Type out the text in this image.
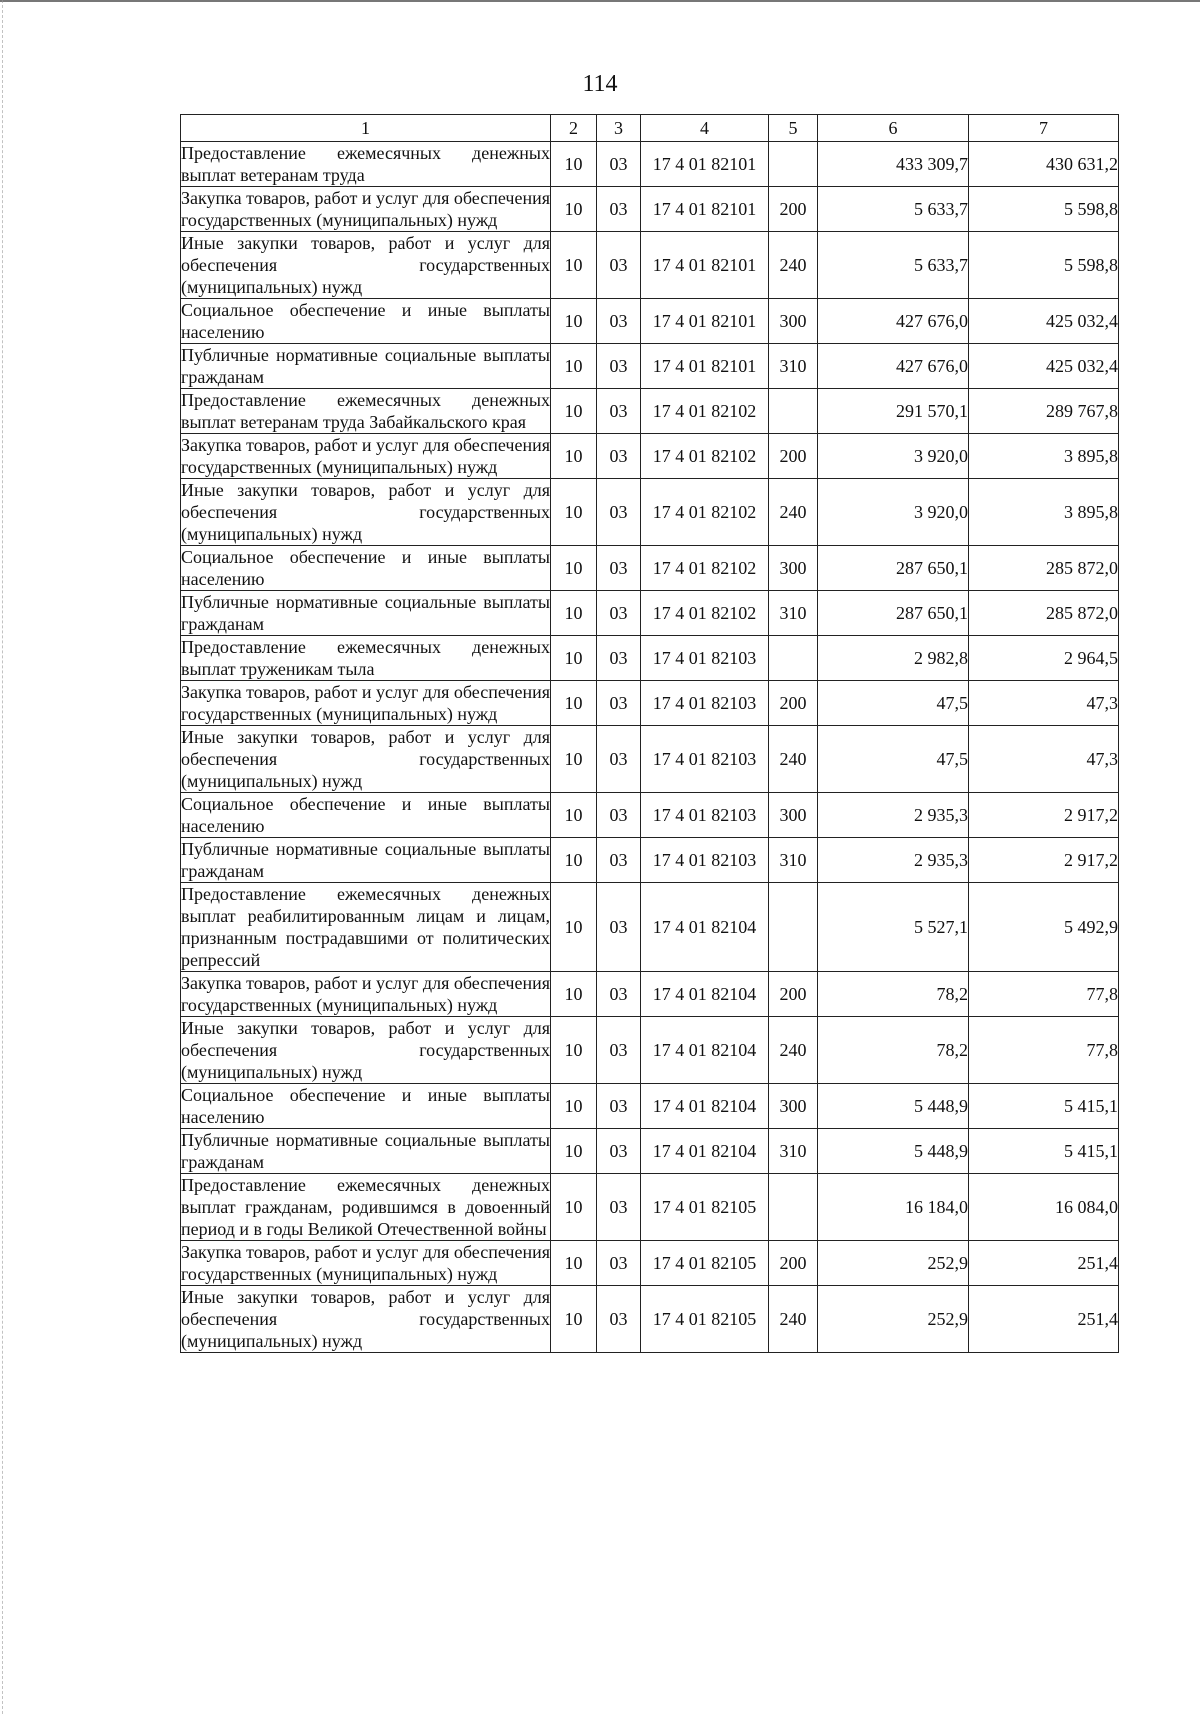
114
1	2	3	4	5	6	7
Предоставление ежемесячных денежных выплат ветеранам труда	10	03	17 4 01 82101		433 309,7	430 631,2
Закупка товаров, работ и услуг для обеспечения государственных (муниципальных) нужд	10	03	17 4 01 82101	200	5 633,7	5 598,8
Иные закупки товаров, работ и услуг для обеспечения государственных (муниципальных) нужд	10	03	17 4 01 82101	240	5 633,7	5 598,8
Социальное обеспечение и иные выплаты населению	10	03	17 4 01 82101	300	427 676,0	425 032,4
Публичные нормативные социальные выплаты гражданам	10	03	17 4 01 82101	310	427 676,0	425 032,4
Предоставление ежемесячных денежных выплат ветеранам труда Забайкальского края	10	03	17 4 01 82102		291 570,1	289 767,8
Закупка товаров, работ и услуг для обеспечения государственных (муниципальных) нужд	10	03	17 4 01 82102	200	3 920,0	3 895,8
Иные закупки товаров, работ и услуг для обеспечения государственных (муниципальных) нужд	10	03	17 4 01 82102	240	3 920,0	3 895,8
Социальное обеспечение и иные выплаты населению	10	03	17 4 01 82102	300	287 650,1	285 872,0
Публичные нормативные социальные выплаты гражданам	10	03	17 4 01 82102	310	287 650,1	285 872,0
Предоставление ежемесячных денежных выплат труженикам тыла	10	03	17 4 01 82103		2 982,8	2 964,5
Закупка товаров, работ и услуг для обеспечения государственных (муниципальных) нужд	10	03	17 4 01 82103	200	47,5	47,3
Иные закупки товаров, работ и услуг для обеспечения государственных (муниципальных) нужд	10	03	17 4 01 82103	240	47,5	47,3
Социальное обеспечение и иные выплаты населению	10	03	17 4 01 82103	300	2 935,3	2 917,2
Публичные нормативные социальные выплаты гражданам	10	03	17 4 01 82103	310	2 935,3	2 917,2
Предоставление ежемесячных денежных выплат реабилитированным лицам и лицам, признанным пострадавшими от политических репрессий	10	03	17 4 01 82104		5 527,1	5 492,9
Закупка товаров, работ и услуг для обеспечения государственных (муниципальных) нужд	10	03	17 4 01 82104	200	78,2	77,8
Иные закупки товаров, работ и услуг для обеспечения государственных (муниципальных) нужд	10	03	17 4 01 82104	240	78,2	77,8
Социальное обеспечение и иные выплаты населению	10	03	17 4 01 82104	300	5 448,9	5 415,1
Публичные нормативные социальные выплаты гражданам	10	03	17 4 01 82104	310	5 448,9	5 415,1
Предоставление ежемесячных денежных выплат гражданам, родившимся в довоенный период и в годы Великой Отечественной войны	10	03	17 4 01 82105		16 184,0	16 084,0
Закупка товаров, работ и услуг для обеспечения государственных (муниципальных) нужд	10	03	17 4 01 82105	200	252,9	251,4
Иные закупки товаров, работ и услуг для обеспечения государственных (муниципальных) нужд	10	03	17 4 01 82105	240	252,9	251,4
